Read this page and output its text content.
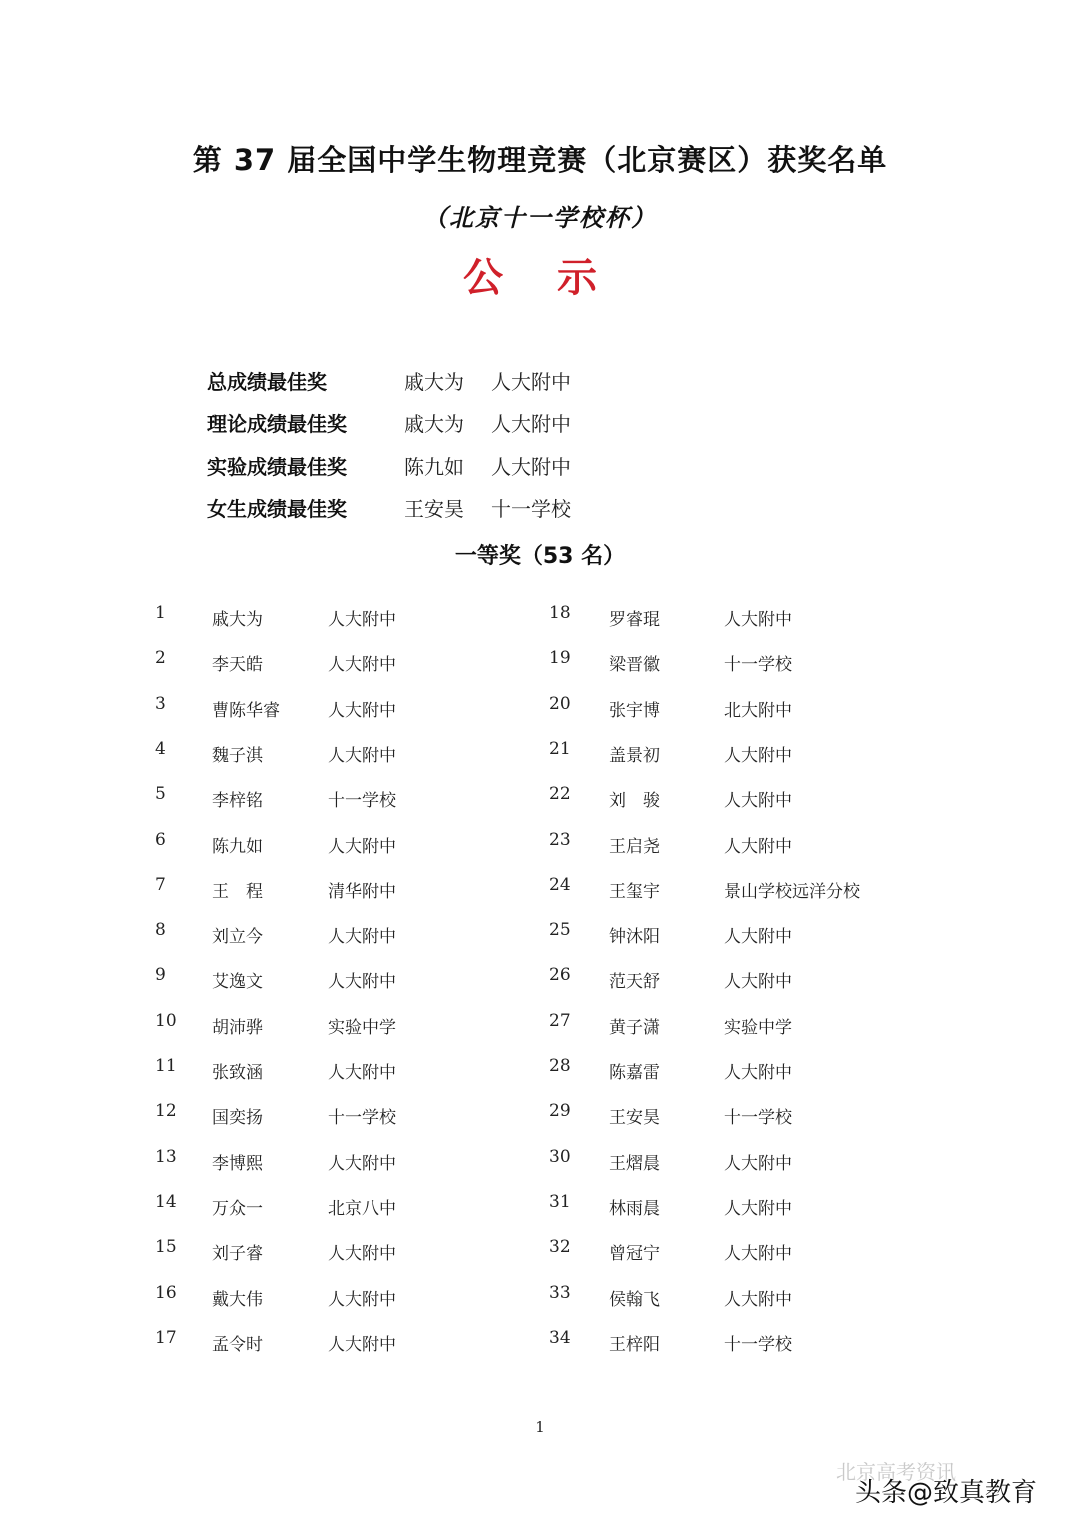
第 37 届全国中学生物理竞赛（北京赛区）获奖名单
（北京十一学校杯）
公 示
总成绩最佳奖	戚大为 人大附中
理论成绩最佳奖	戚大为 人大附中
实验成绩最佳奖	陈九如 人大附中
女生成绩最佳奖	王安昊 十一学校
一等奖（53 名）
1	戚大为	人大附中
2	李天皓	人大附中
3	曹陈华睿	人大附中
4	魏子淇	人大附中
5	李梓铭	十一学校
6	陈九如	人大附中
7	王　程	清华附中
8	刘立今	人大附中
9	艾逸文	人大附中
10 胡沛骅	实验中学
11 张致涵	人大附中
12 国奕扬	十一学校
13 李博熙	人大附中
14 万众一	北京八中
15 刘子睿	人大附中
16 戴大伟	人大附中
17 孟令时	人大附中
18 罗睿琨	人大附中
19 梁晋徽	十一学校
20 张宇博	北大附中
21 盖景初	人大附中
22 刘　骏	人大附中
23 王启尧	人大附中
24 王玺宇	景山学校远洋分校
25 钟沐阳	人大附中
26 范天舒	人大附中
27 黄子潇	实验中学
28 陈嘉雷	人大附中
29 王安昊	十一学校
30 王熠晨	人大附中
31 林雨晨	人大附中
32 曾冠宁	人大附中
33 侯翰飞	人大附中
34 王梓阳	十一学校
1
北京高考资讯
头条@致真教育
